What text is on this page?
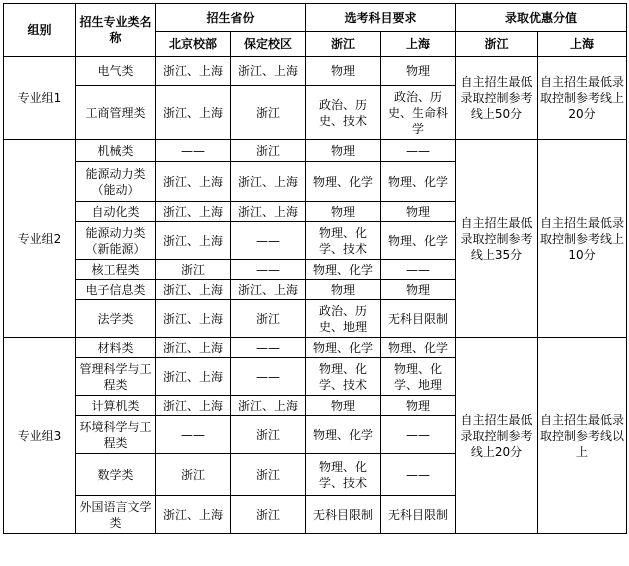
组别	招生专业类名称	招生省份		选考科目要求		录取优惠分值	
		北京校部	保定校区	浙江	上海	浙江	上海
专业组1	电气类	浙江、上海	浙江、上海	物理	物理	自主招生最低录取控制参考线上50分	自主招生最低录取控制参考线上20分
	工商管理类	浙江、上海	浙江	政治、历史、技术	政治、历史、生命科学		
专业组2	机械类	——	浙江	物理	——	自主招生最低录取控制参考线上35分	自主招生最低录取控制参考线上10分
	能源动力类（能动）	浙江、上海	浙江、上海	物理、化学	物理、化学		
	自动化类	浙江、上海	浙江、上海	物理	物理		
	能源动力类（新能源）	浙江、上海	——	物理、化学、技术	物理、化学		
	核工程类	浙江	——	物理、化学	——		
	电子信息类	浙江、上海	浙江、上海	物理	物理		
	法学类	浙江、上海	浙江	政治、历史、地理	无科目限制		
专业组3	材料类	浙江、上海	——	物理、化学	物理、化学	自主招生最低录取控制参考线上20分	自主招生最低录取控制参考线以上
	管理科学与工程类	浙江、上海	——	物理、化学、技术	物理、化学、地理		
	计算机类	浙江、上海	浙江、上海	物理	物理		
	环境科学与工程类	——	浙江	物理、化学	——		
	数学类	浙江	浙江	物理、化学、技术	——		
	外国语言文学类	浙江、上海	浙江	无科目限制	无科目限制		
